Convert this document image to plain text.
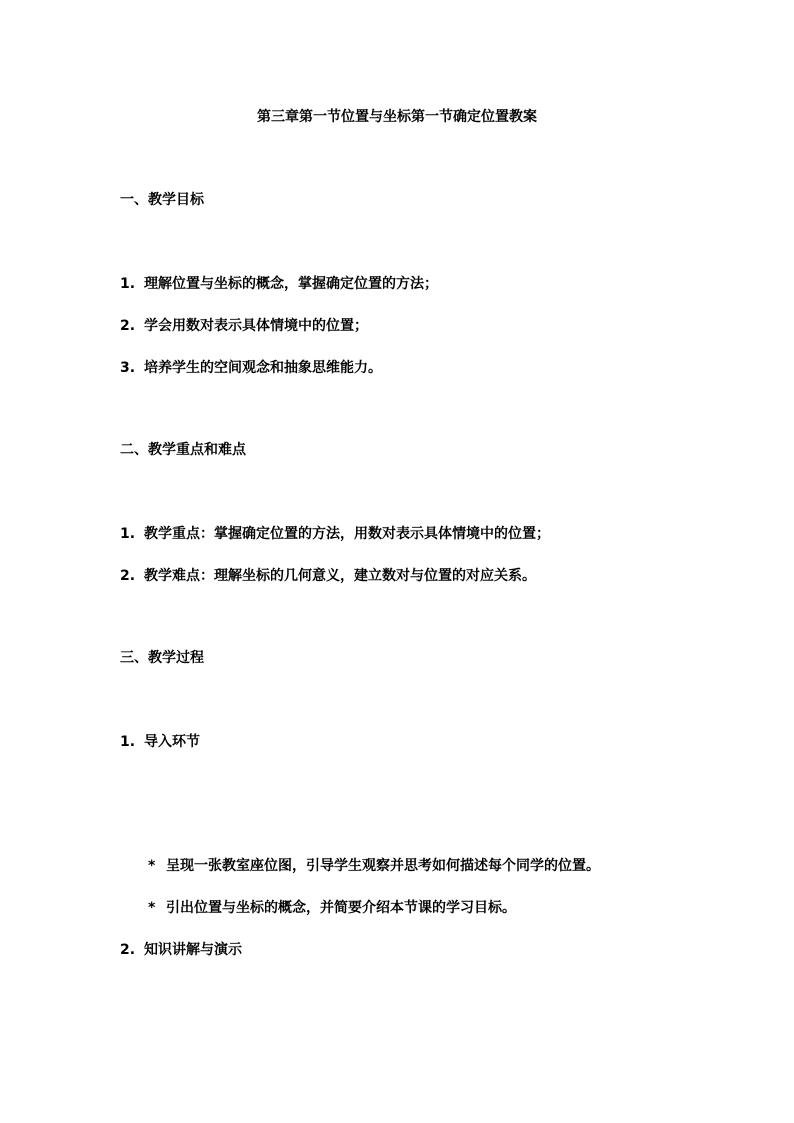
第三章第一节位置与坐标第一节确定位置教案
一、教学目标
1. 理解位置与坐标的概念，掌握确定位置的方法；
2. 学会用数对表示具体情境中的位置；
3. 培养学生的空间观念和抽象思维能力。
二、教学重点和难点
1. 教学重点：掌握确定位置的方法，用数对表示具体情境中的位置；
2. 教学难点：理解坐标的几何意义，建立数对与位置的对应关系。
三、教学过程
1. 导入环节
* 呈现一张教室座位图，引导学生观察并思考如何描述每个同学的位置。
* 引出位置与坐标的概念，并简要介绍本节课的学习目标。
2. 知识讲解与演示
